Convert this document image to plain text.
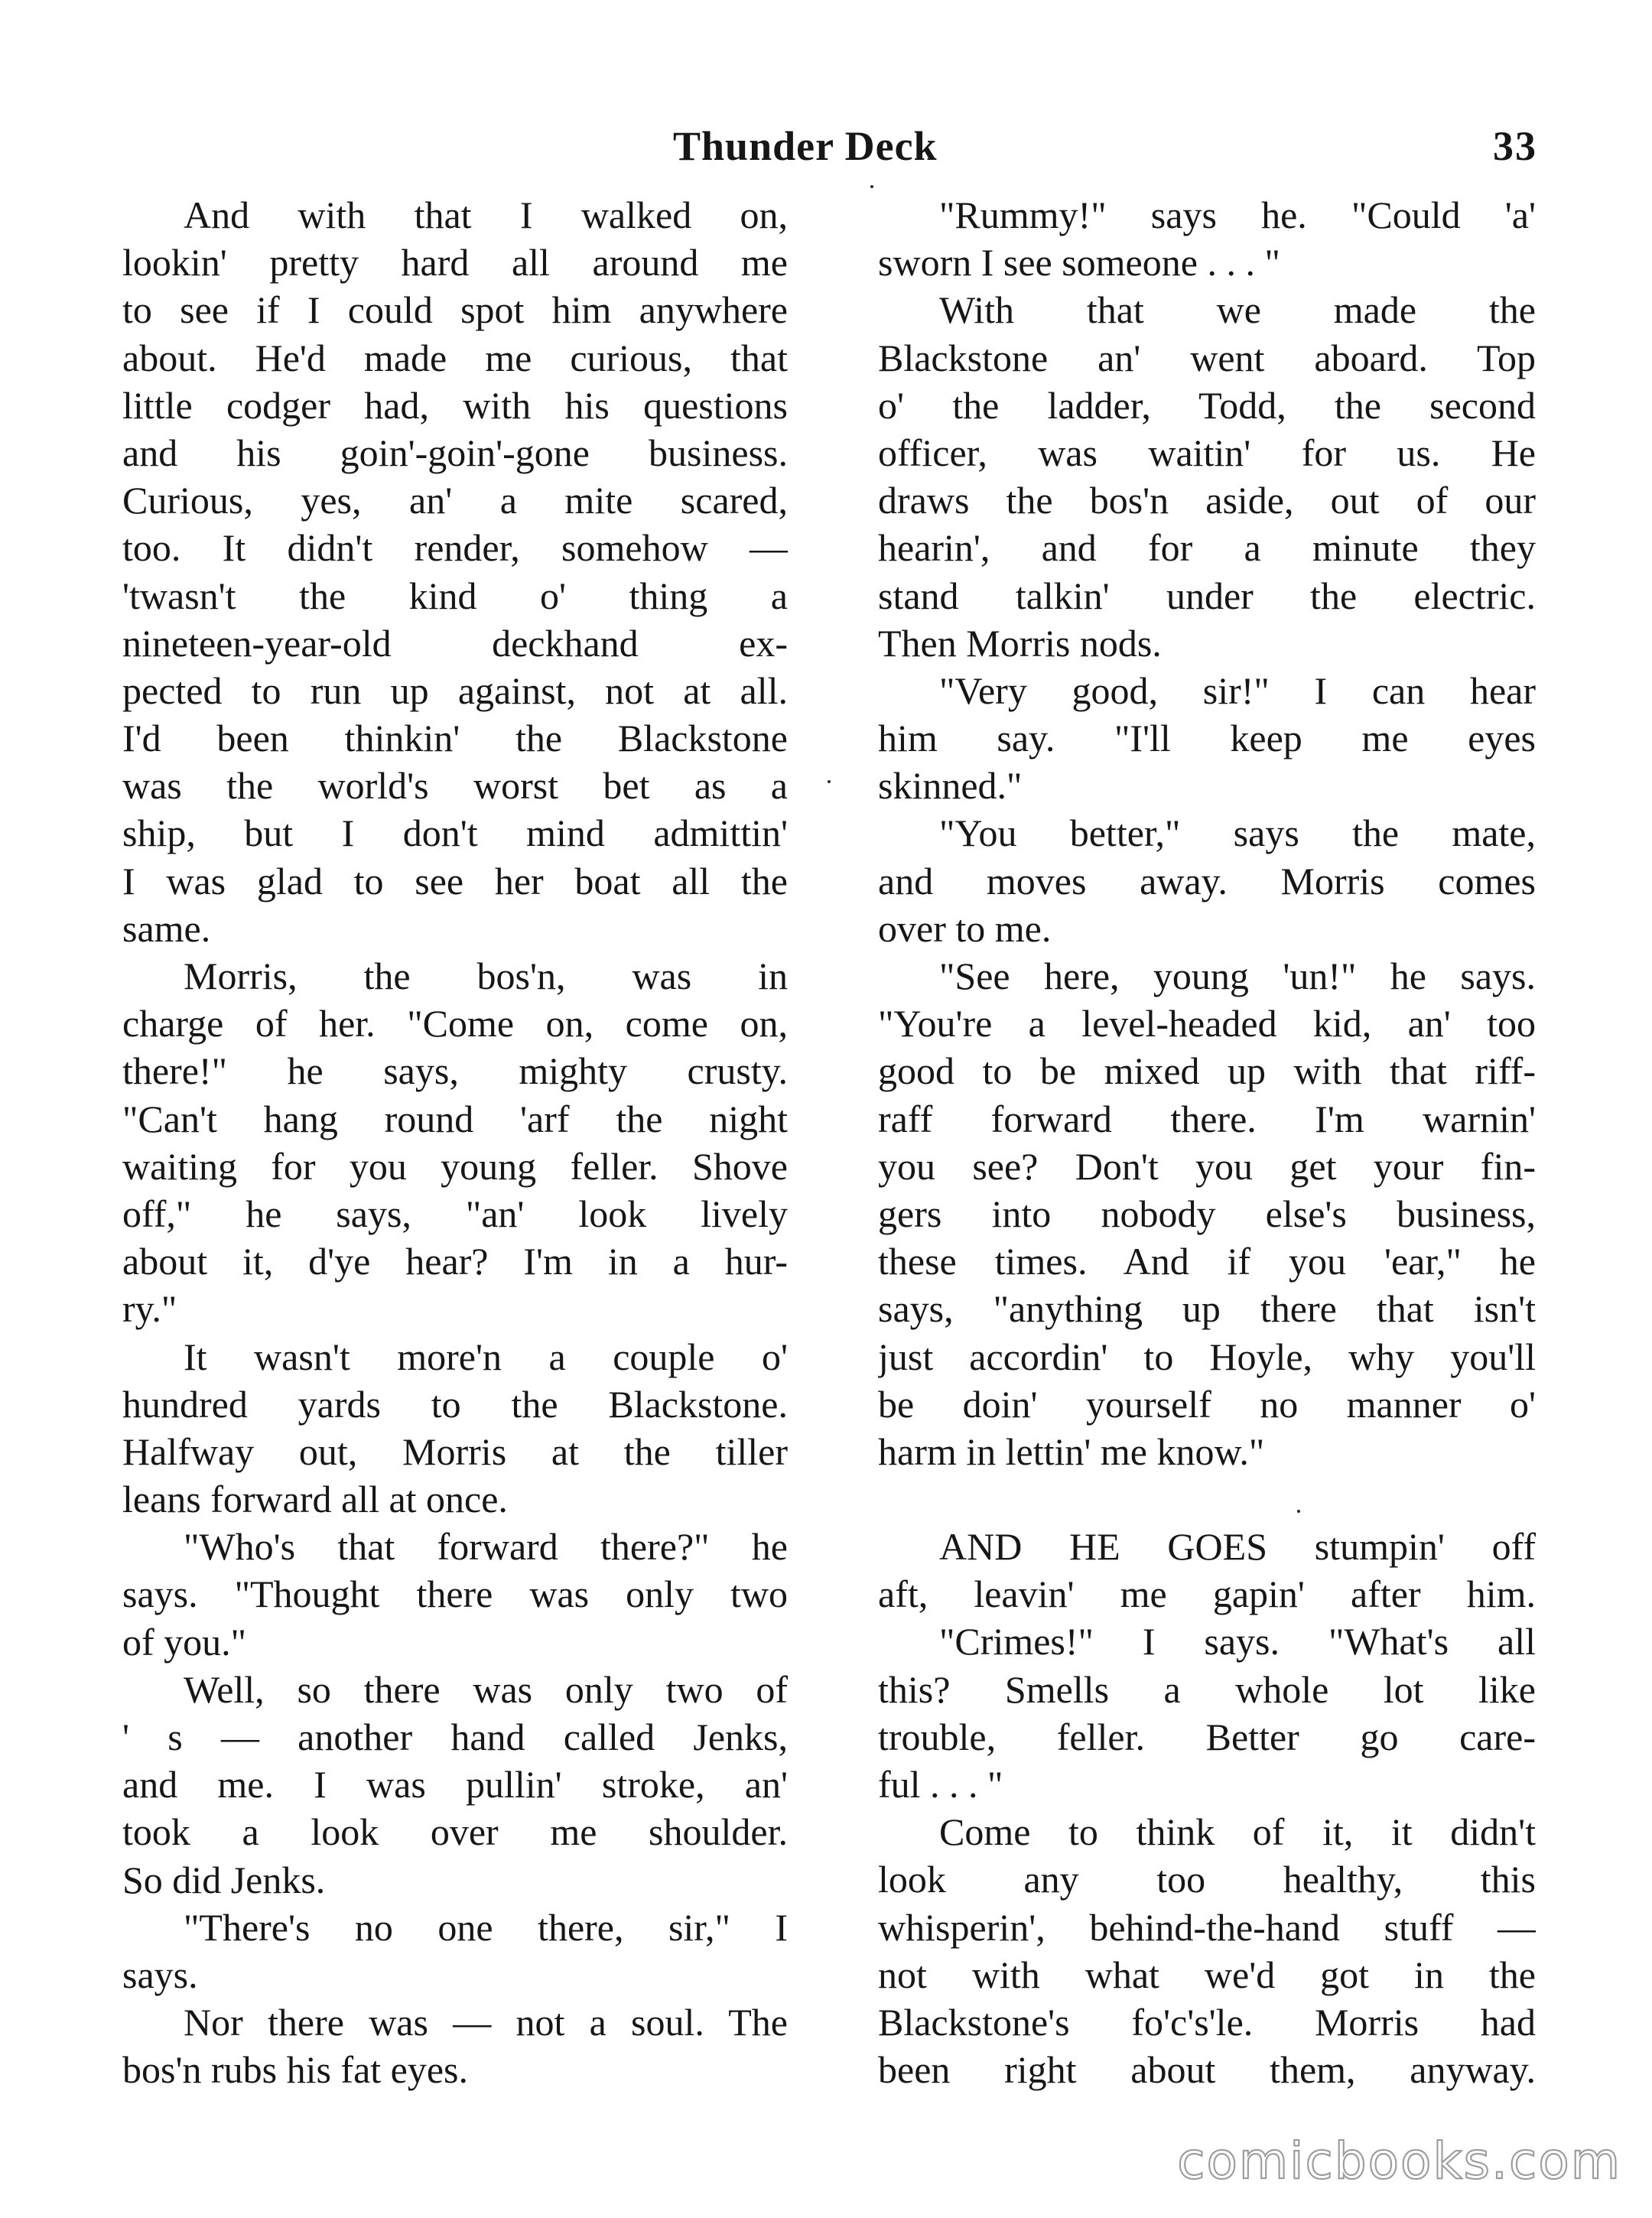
Thunder Deck	33
And with that I walked on,
lookin' pretty hard all around me
to see if I could spot him anywhere
about. He'd made me curious, that
little codger had, with his questions
and his goin'-goin'-gone business.
Curious, yes, an' a mite scared,
too. It didn't render, somehow —
'twasn't the kind o' thing a
nineteen-year-old deckhand ex-
pected to run up against, not at all.
I'd been thinkin' the Blackstone
was the world's worst bet as a
ship, but I don't mind admittin'
I was glad to see her boat all the
same.
Morris, the bos'n, was in
charge of her. "Come on, come on,
there!" he says, mighty crusty.
"Can't hang round 'arf the night
waiting for you young feller. Shove
off," he says, "an' look lively
about it, d'ye hear? I'm in a hur-
ry."
It wasn't more'n a couple o'
hundred yards to the Blackstone.
Halfway out, Morris at the tiller
leans forward all at once.
"Who's that forward there?" he
says. "Thought there was only two
of you."
Well, so there was only two of
' s — another hand called Jenks,
and me. I was pullin' stroke, an'
took a look over me shoulder.
So did Jenks.
"There's no one there, sir," I
says.
Nor there was — not a soul. The
bos'n rubs his fat eyes.
"Rummy!" says he. "Could 'a'
sworn I see someone . . . "
With that we made the
Blackstone an' went aboard. Top
o' the ladder, Todd, the second
officer, was waitin' for us. He
draws the bos'n aside, out of our
hearin', and for a minute they
stand talkin' under the electric.
Then Morris nods.
"Very good, sir!" I can hear
him say. "I'll keep me eyes
skinned."
"You better," says the mate,
and moves away. Morris comes
over to me.
"See here, young 'un!" he says.
"You're a level-headed kid, an' too
good to be mixed up with that riff-
raff forward there. I'm warnin'
you see? Don't you get your fin-
gers into nobody else's business,
these times. And if you 'ear," he
says, "anything up there that isn't
just accordin' to Hoyle, why you'll
be doin' yourself no manner o'
harm in lettin' me know."
AND HE GOES stumpin' off
aft, leavin' me gapin' after him.
"Crimes!" I says. "What's all
this? Smells a whole lot like
trouble, feller. Better go care-
ful . . . "
Come to think of it, it didn't
look any too healthy, this
whisperin', behind-the-hand stuff —
not with what we'd got in the
Blackstone's fo'c's'le. Morris had
been right about them, anyway.
comicbooks.com
